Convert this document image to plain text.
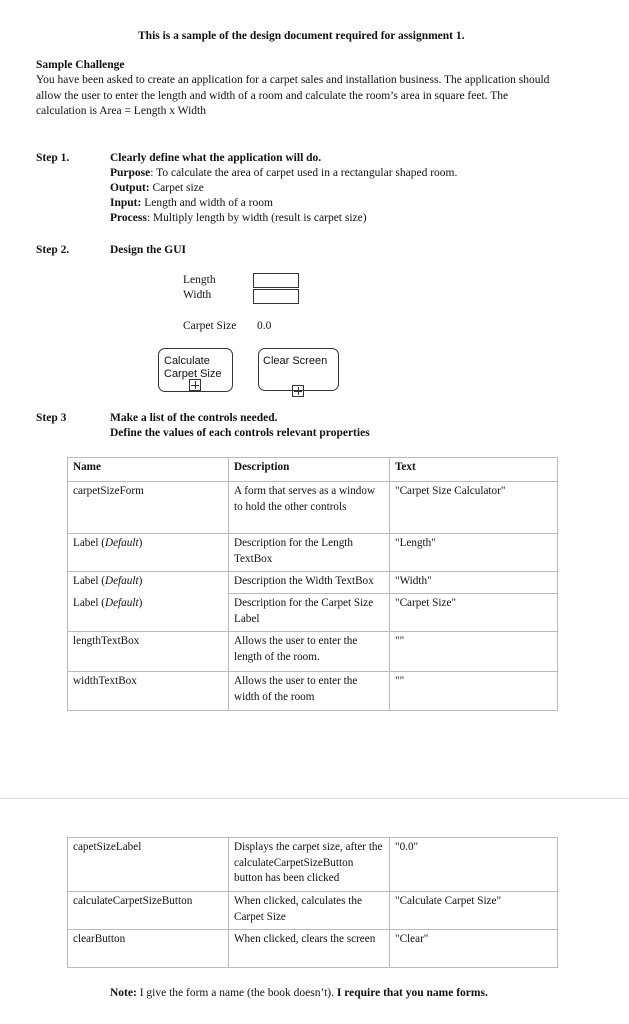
This is a sample of the design document required for assignment 1.
Sample Challenge
You have been asked to create an application for a carpet sales and installation business. The application should
allow the user to enter the length and width of a room and calculate the room’s area in square feet. The
calculation is Area = Length x Width
Step 1.	Clearly define what the application will do.
Purpose: To calculate the area of carpet used in a rectangular shaped room.
Output: Carpet size
Input: Length and width of a room
Process: Multiply length by width (result is carpet size)
Step 2.	Design the GUI
Length
Width
Carpet Size 0.0
Calculate
Carpet Size
Clear Screen
Step 3	Make a list of the controls needed.
Define the values of each controls relevant properties
Name	Description	Text
carpetSizeForm	A form that serves as a window to hold the other controls	"Carpet Size Calculator"
Label (Default)	Description for the Length TextBox	"Length"
Label (Default)	Description the Width TextBox	"Width"
Label (Default)	Description for the Carpet Size Label	"Carpet Size"
lengthTextBox	Allows the user to enter the length of the room.	""
widthTextBox	Allows the user to enter the width of the room	""
capetSizeLabel	Displays the carpet size, after the calculateCarpetSizeButton button has been clicked	"0.0"
calculateCarpetSizeButton	When clicked, calculates the Carpet Size	"Calculate Carpet Size"
clearButton	When clicked, clears the screen	"Clear"
Note: I give the form a name (the book doesn’t). I require that you name forms.
